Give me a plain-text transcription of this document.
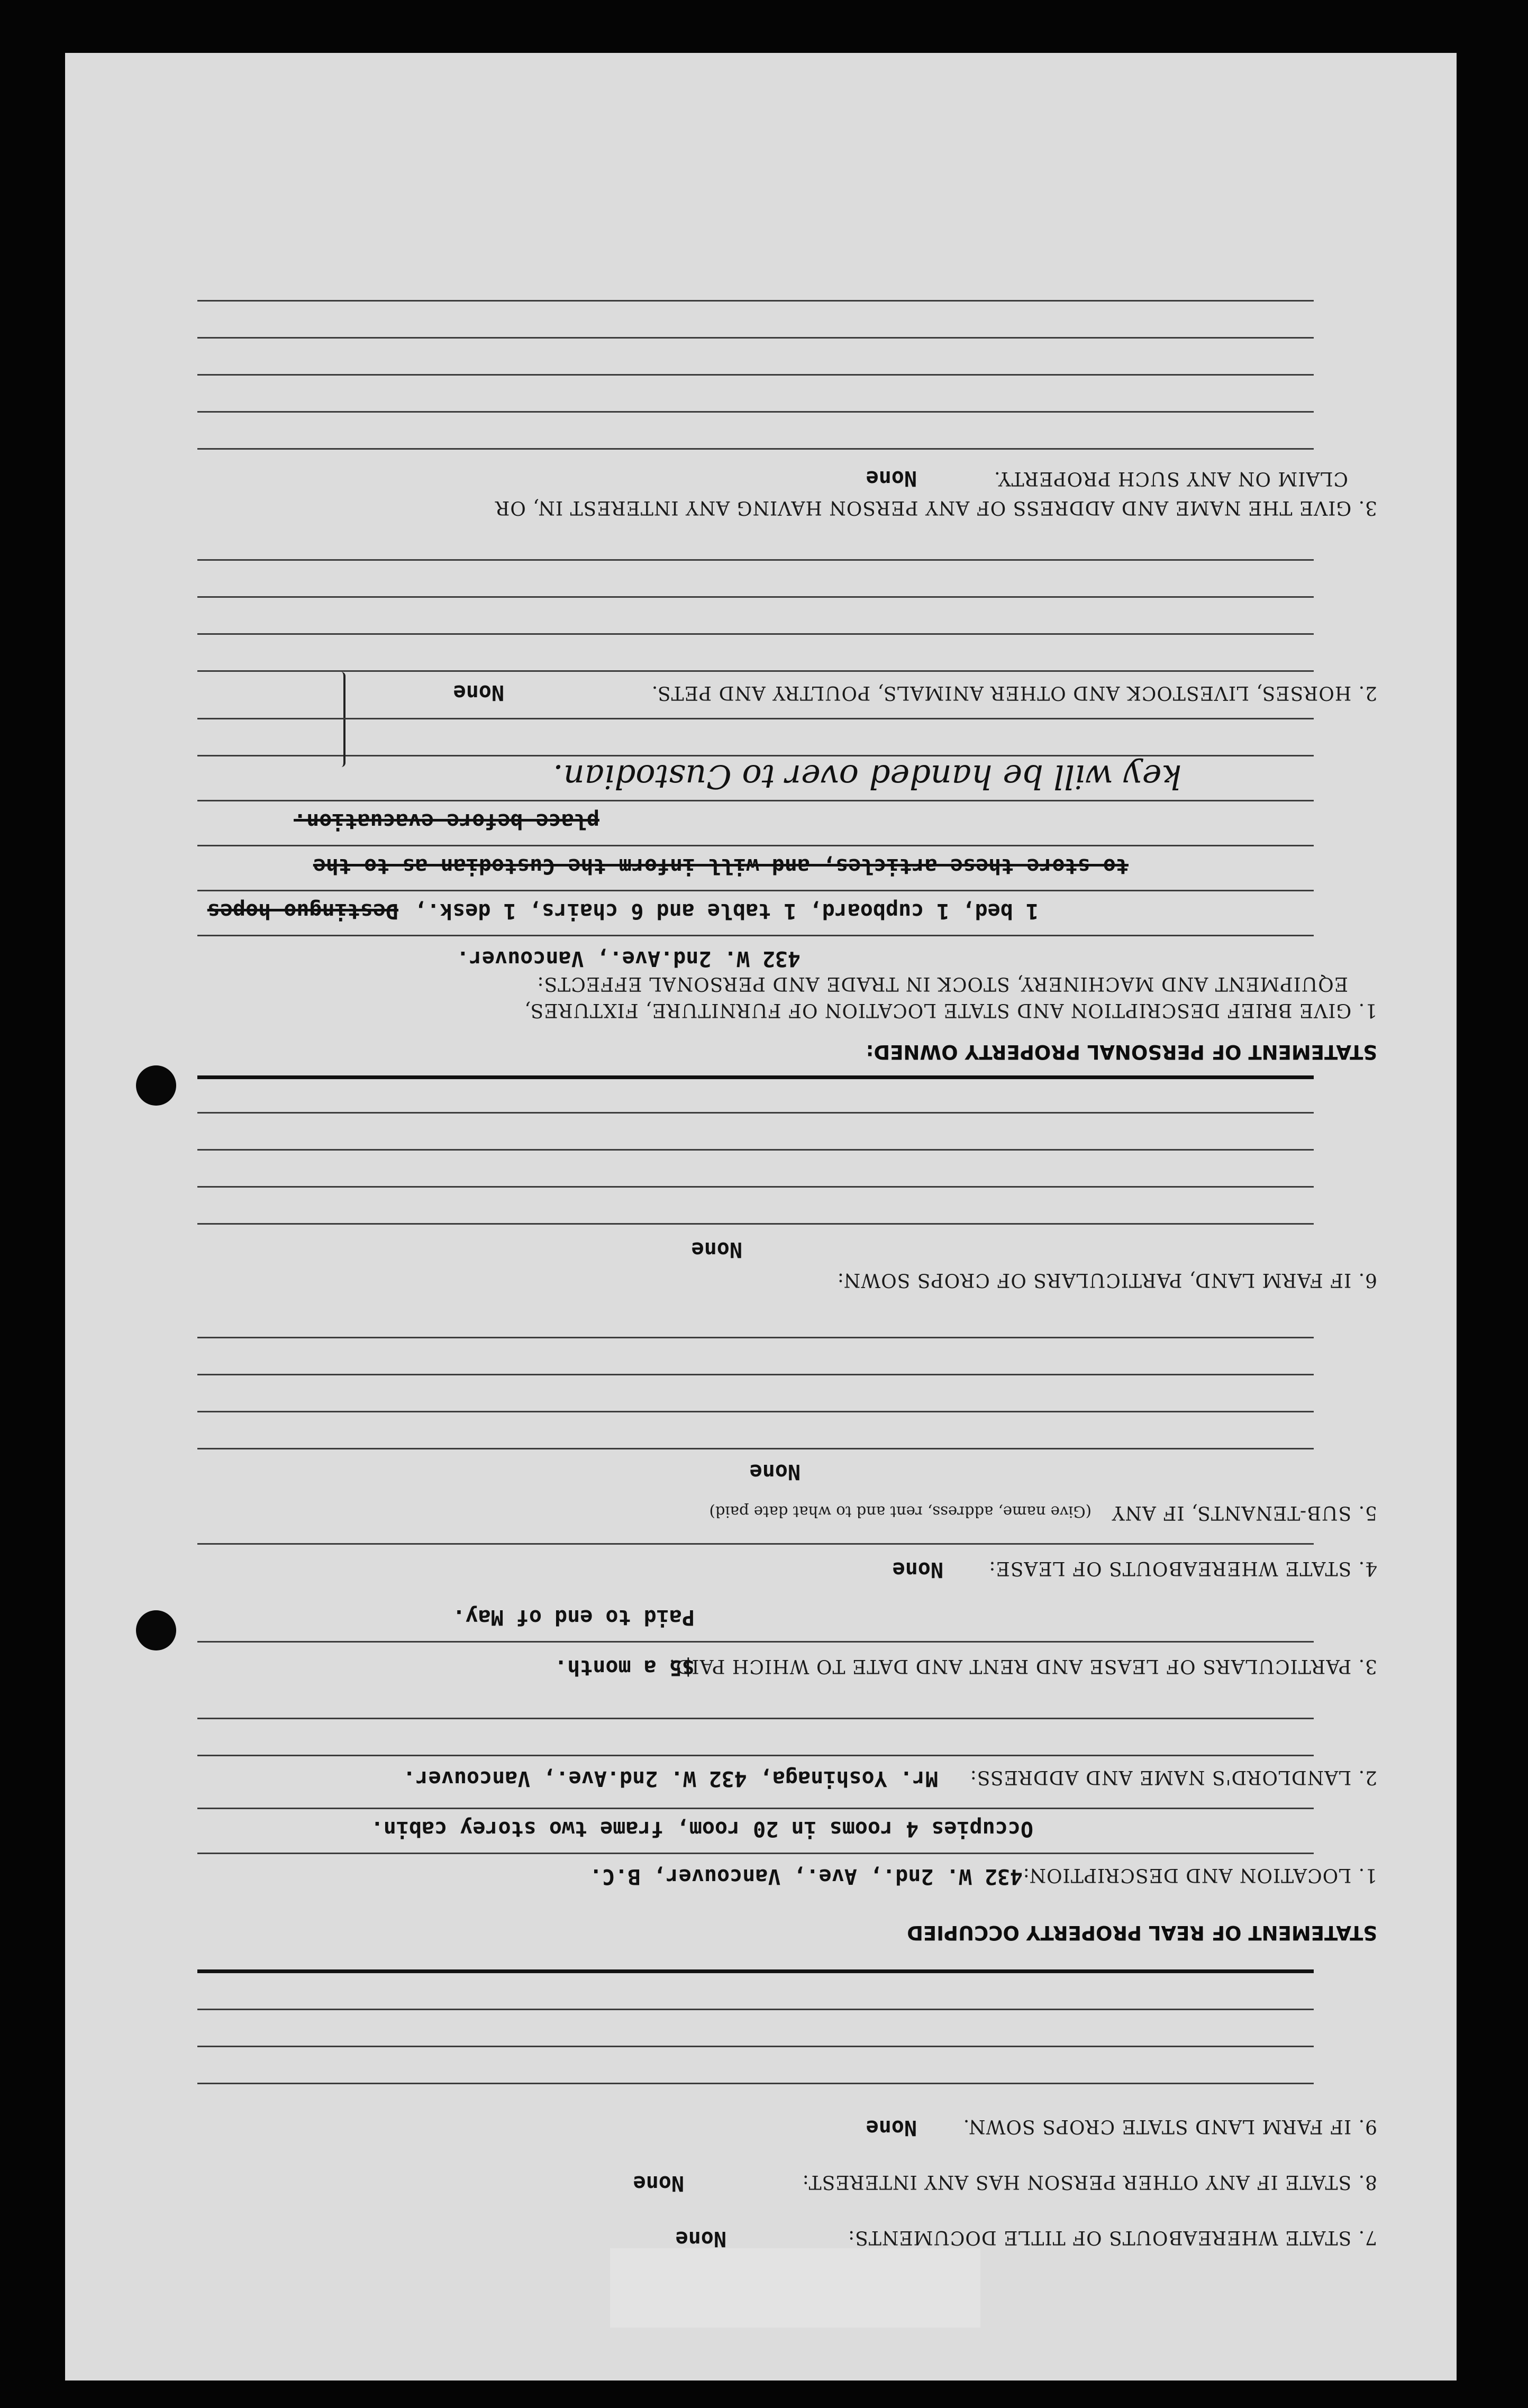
7. STATE WHEREABOUTS OF TITLE DOCUMENTS:
None
8. STATE IF ANY OTHER PERSON HAS ANY INTEREST:
None
9. IF FARM LAND STATE CROPS SOWN.
None
STATEMENT OF REAL PROPERTY OCCUPIED
1. LOCATION AND DESCRIPTION:
432 W. 2nd., Ave., Vancouver, B.C.
Occupies 4 rooms in 20 room, frame two storey cabin.
2. LANDLORD'S NAME AND ADDRESS:
Mr. Yoshinaga, 432 W. 2nd.Ave., Vancouver.
3. PARTICULARS OF LEASE AND RENT AND DATE TO WHICH PAID:
$5 a month.
Paid to end of May.
4. STATE WHEREABOUTS OF LEASE:
None
5. SUB-TENANTS, IF ANY
(Give name, address, rent and to what date paid)
None
6. IF FARM LAND, PARTICULARS OF CROPS SOWN:
None
STATEMENT OF PERSONAL PROPERTY OWNED:
1. GIVE BRIEF DESCRIPTION AND STATE LOCATION OF FURNITURE, FIXTURES,
EQUIPMENT AND MACHINERY, STOCK IN TRADE AND PERSONAL EFFECTS:
432 W. 2nd.Ave., Vancouver.
1 bed, 1 cupboard, 1 table and 6 chairs, 1 desk.,
Destinguo hopes
to store these articles, and will inform the Custodian as to the
place before evacuation.
key will be handed over to Custodian.
2. HORSES, LIVESTOCK AND OTHER ANIMALS, POULTRY AND PETS.
None
3. GIVE THE NAME AND ADDRESS OF ANY PERSON HAVING ANY INTEREST IN, OR
CLAIM ON ANY SUCH PROPERTY.
None
